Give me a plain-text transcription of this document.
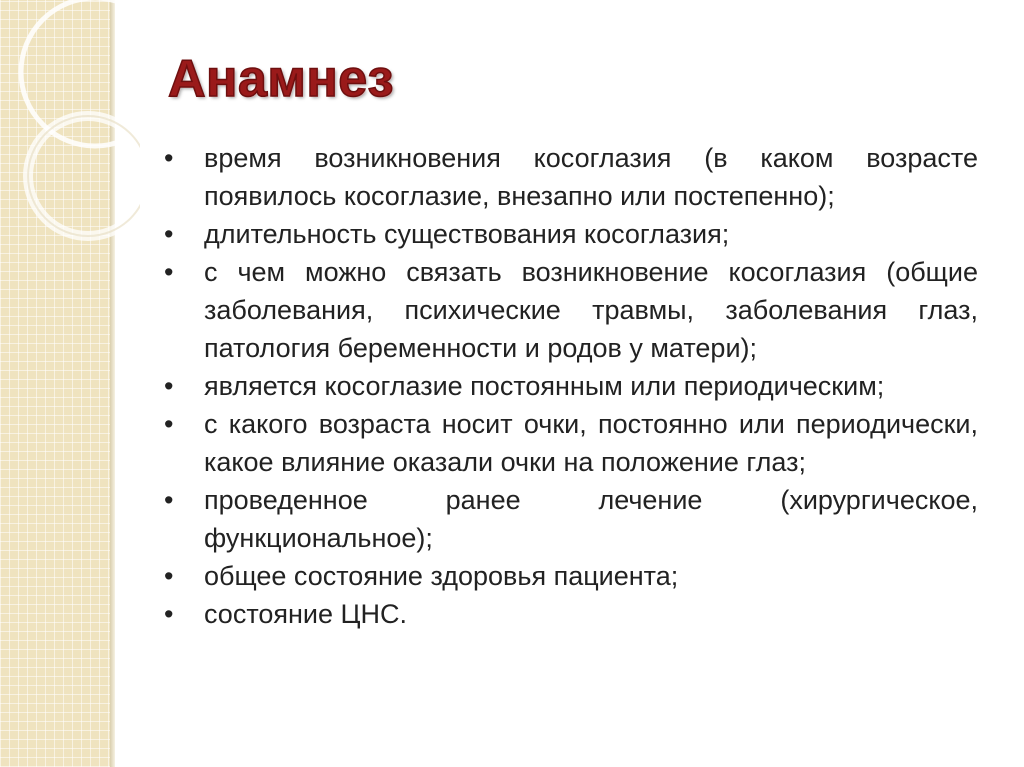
Анамнез
• время возникновения косоглазия (в каком возрасте появилось косоглазие, внезапно или постепенно);
• длительность существования косоглазия;
• с чем можно связать возникновение косоглазия (общие заболевания, психические травмы, заболевания глаз, патология беременности и родов у матери);
• является косоглазие постоянным или периодическим;
• с какого возраста носит очки, постоянно или периодически, какое влияние оказали очки на положение глаз;
• проведенное ранее лечение (хирургическое, функциональное);
• общее состояние здоровья пациента;
• состояние ЦНС.
